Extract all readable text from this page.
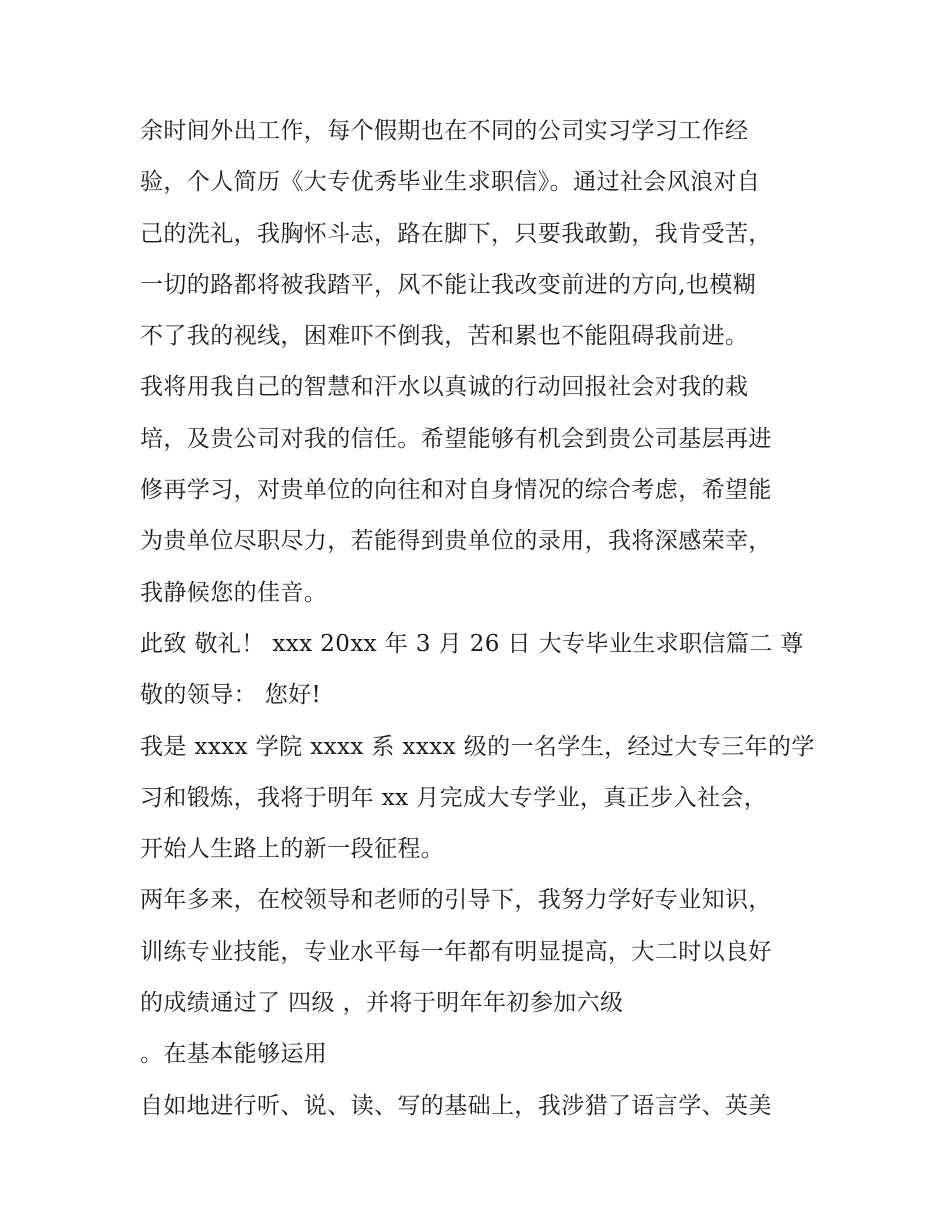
余时间外出工作，每个假期也在不同的公司实习学习工作经
验，个人简历《大专优秀毕业生求职信》。通过社会风浪对自
己的洗礼，我胸怀斗志，路在脚下，只要我敢勤，我肯受苦，
一切的路都将被我踏平，风不能让我改变前进的方向,也模糊
不了我的视线，困难吓不倒我，苦和累也不能阻碍我前进。
我将用我自己的智慧和汗水以真诚的行动回报社会对我的栽
培，及贵公司对我的信任。希望能够有机会到贵公司基层再进
修再学习，对贵单位的向往和对自身情况的综合考虑，希望能
为贵单位尽职尽力，若能得到贵单位的录用，我将深感荣幸，
我静候您的佳音。
此致 敬礼！ xxx 20xx 年 3 月 26 日 大专毕业生求职信篇二 尊
敬的领导： 您好!
我是 xxxx 学院 xxxx 系 xxxx 级的一名学生，经过大专三年的学
习和锻炼，我将于明年 xx 月完成大专学业，真正步入社会，
开始人生路上的新一段征程。
两年多来，在校领导和老师的引导下，我努力学好专业知识，
训练专业技能，专业水平每一年都有明显提高，大二时以良好
的成绩通过了 四级 ，并将于明年年初参加六级
。在基本能够运用
自如地进行听、说、读、写的基础上，我涉猎了语言学、英美
